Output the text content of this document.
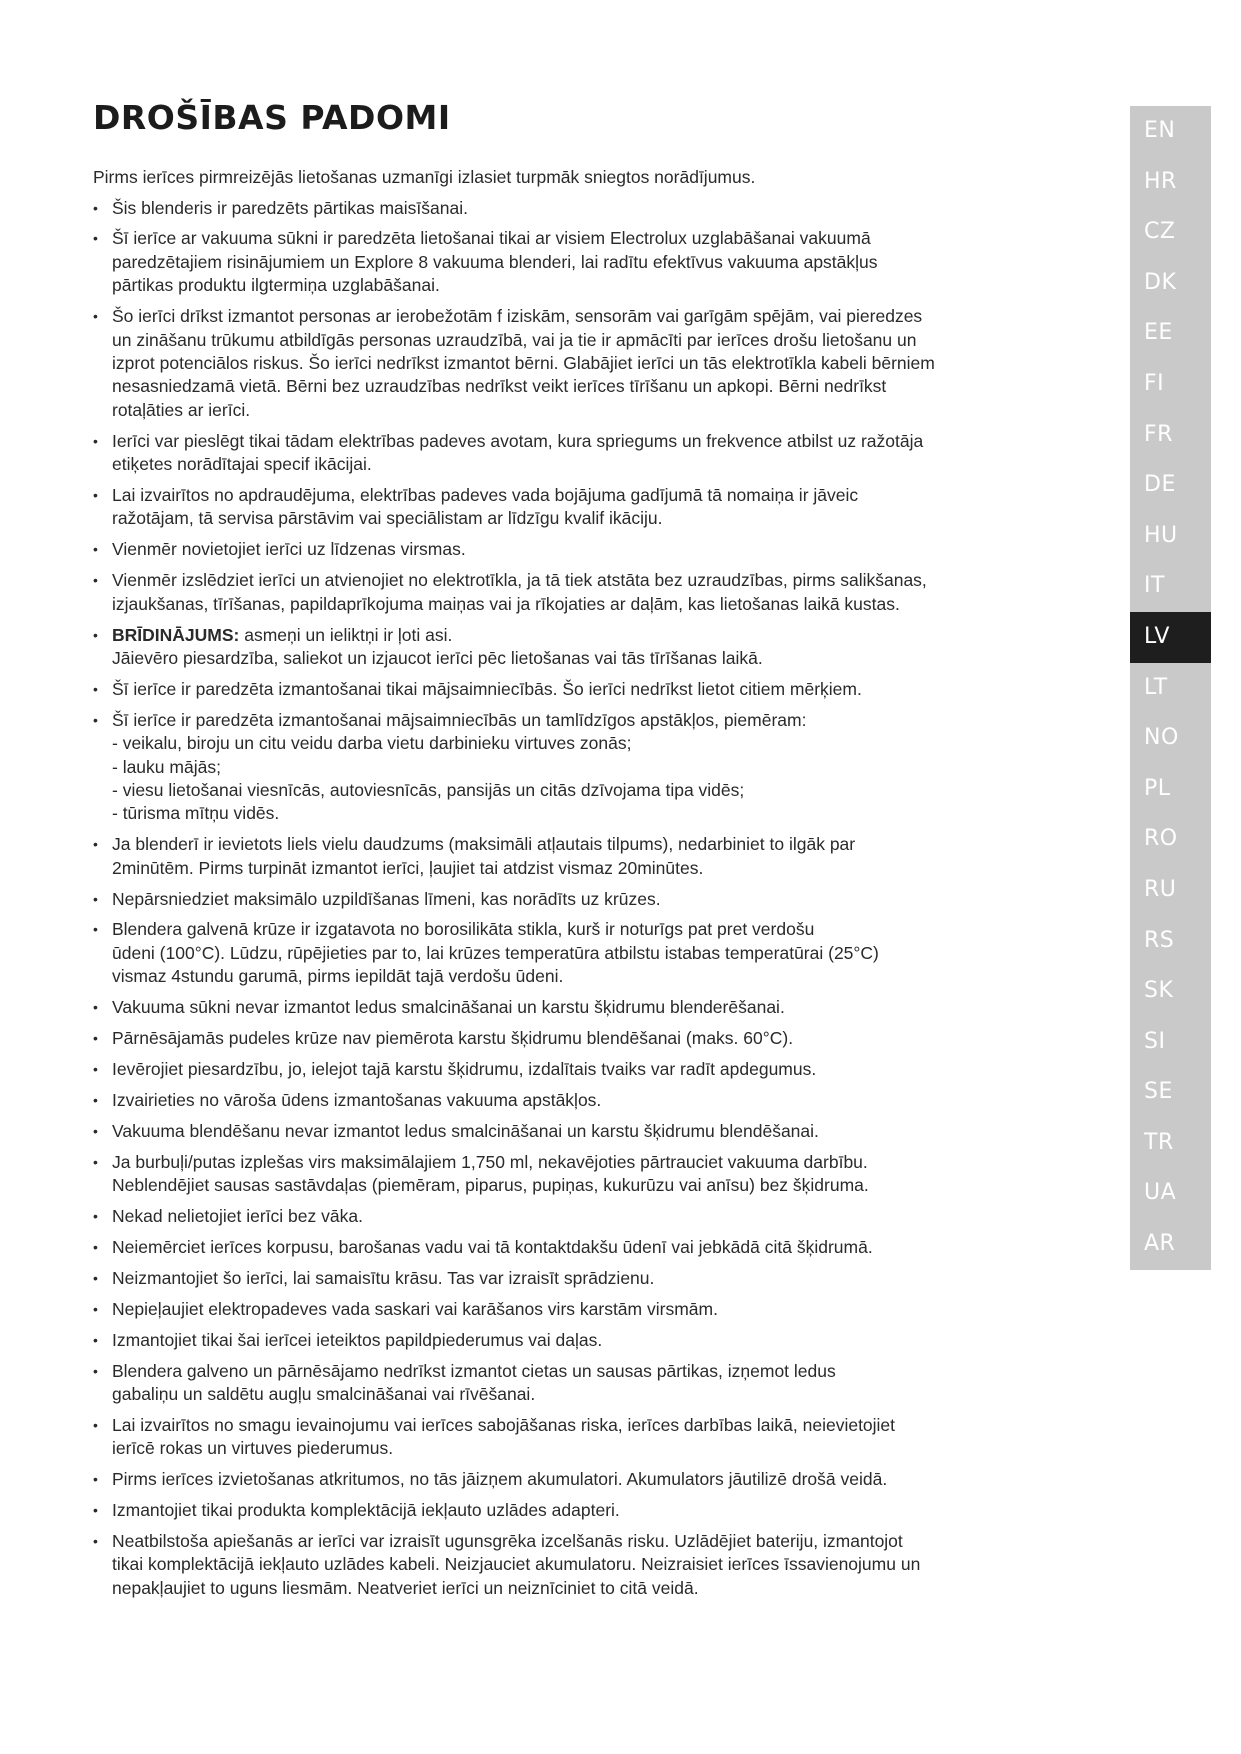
DROŠĪBAS PADOMI

Pirms ierīces pirmreizējās lietošanas uzmanīgi izlasiet turpmāk sniegtos norādījumus.

• Šis blenderis ir paredzēts pārtikas maisīšanai.
• Šī ierīce ar vakuuma sūkni ir paredzēta lietošanai tikai ar visiem Electrolux uzglabāšanai vakuumā
paredzētajiem risinājumiem un Explore 8 vakuuma blenderi, lai radītu efektīvus vakuuma apstākļus
pārtikas produktu ilgtermiņa uzglabāšanai.
• Šo ierīci drīkst izmantot personas ar ierobežotām f iziskām, sensorām vai garīgām spējām, vai pieredzes
un zināšanu trūkumu atbildīgās personas uzraudzībā, vai ja tie ir apmācīti par ierīces drošu lietošanu un
izprot potenciālos riskus. Šo ierīci nedrīkst izmantot bērni. Glabājiet ierīci un tās elektrotīkla kabeli bērniem
nesasniedzamā vietā. Bērni bez uzraudzības nedrīkst veikt ierīces tīrīšanu un apkopi. Bērni nedrīkst
rotaļāties ar ierīci.
• Ierīci var pieslēgt tikai tādam elektrības padeves avotam, kura spriegums un frekvence atbilst uz ražotāja
etiķetes norādītajai specif ikācijai.
• Lai izvairītos no apdraudējuma, elektrības padeves vada bojājuma gadījumā tā nomaiņa ir jāveic
ražotājam, tā servisa pārstāvim vai speciālistam ar līdzīgu kvalif ikāciju.
• Vienmēr novietojiet ierīci uz līdzenas virsmas.
• Vienmēr izslēdziet ierīci un atvienojiet no elektrotīkla, ja tā tiek atstāta bez uzraudzības, pirms salikšanas,
izjaukšanas, tīrīšanas, papildaprīkojuma maiņas vai ja rīkojaties ar daļām, kas lietošanas laikā kustas.
• BRĪDINĀJUMS: asmeņi un ieliktņi ir ļoti asi.
Jāievēro piesardzība, saliekot un izjaucot ierīci pēc lietošanas vai tās tīrīšanas laikā.
• Šī ierīce ir paredzēta izmantošanai tikai mājsaimniecībās. Šo ierīci nedrīkst lietot citiem mērķiem.
• Šī ierīce ir paredzēta izmantošanai mājsaimniecībās un tamlīdzīgos apstākļos, piemēram:
- veikalu, biroju un citu veidu darba vietu darbinieku virtuves zonās;
- lauku mājās;
- viesu lietošanai viesnīcās, autoviesnīcās, pansijās un citās dzīvojama tipa vidēs;
- tūrisma mītņu vidēs.
• Ja blenderī ir ievietots liels vielu daudzums (maksimāli atļautais tilpums), nedarbiniet to ilgāk par
2minūtēm. Pirms turpināt izmantot ierīci, ļaujiet tai atdzist vismaz 20minūtes.
• Nepārsniedziet maksimālo uzpildīšanas līmeni, kas norādīts uz krūzes.
• Blendera galvenā krūze ir izgatavota no borosilikāta stikla, kurš ir noturīgs pat pret verdošu
ūdeni (100°C). Lūdzu, rūpējieties par to, lai krūzes temperatūra atbilstu istabas temperatūrai (25°C)
vismaz 4stundu garumā, pirms iepildāt tajā verdošu ūdeni.
• Vakuuma sūkni nevar izmantot ledus smalcināšanai un karstu šķidrumu blenderēšanai.
• Pārnēsājamās pudeles krūze nav piemērota karstu šķidrumu blendēšanai (maks. 60°C).
• Ievērojiet piesardzību, jo, ielejot tajā karstu šķidrumu, izdalītais tvaiks var radīt apdegumus.
• Izvairieties no vāroša ūdens izmantošanas vakuuma apstākļos.
• Vakuuma blendēšanu nevar izmantot ledus smalcināšanai un karstu šķidrumu blendēšanai.
• Ja burbuļi/putas izplešas virs maksimālajiem 1,750 ml, nekavējoties pārtrauciet vakuuma darbību.
Neblendējiet sausas sastāvdaļas (piemēram, piparus, pupiņas, kukurūzu vai anīsu) bez šķidruma.
• Nekad nelietojiet ierīci bez vāka.
• Neiemērciet ierīces korpusu, barošanas vadu vai tā kontaktdakšu ūdenī vai jebkādā citā šķidrumā.
• Neizmantojiet šo ierīci, lai samaisītu krāsu. Tas var izraisīt sprādzienu.
• Nepieļaujiet elektropadeves vada saskari vai karāšanos virs karstām virsmām.
• Izmantojiet tikai šai ierīcei ieteiktos papildpiederumus vai daļas.
• Blendera galveno un pārnēsājamo nedrīkst izmantot cietas un sausas pārtikas, izņemot ledus
gabaliņu un saldētu augļu smalcināšanai vai rīvēšanai.
• Lai izvairītos no smagu ievainojumu vai ierīces sabojāšanas riska, ierīces darbības laikā, neievietojiet
ierīcē rokas un virtuves piederumus.
• Pirms ierīces izvietošanas atkritumos, no tās jāizņem akumulatori. Akumulators jāutilizē drošā veidā.
• Izmantojiet tikai produkta komplektācijā iekļauto uzlādes adapteri.
• Neatbilstoša apiešanās ar ierīci var izraisīt ugunsgrēka izcelšanās risku. Uzlādējiet bateriju, izmantojot
tikai komplektācijā iekļauto uzlādes kabeli. Neizjauciet akumulatoru. Neizraisiet ierīces īssavienojumu un
nepakļaujiet to uguns liesmām. Neatveriet ierīci un neiznīciniet to citā veidā.
EN
HR
CZ
DK
EE
FI
FR
DE
HU
IT
LV
LT
NO
PL
RO
RU
RS
SK
SI
SE
TR
UA
AR
